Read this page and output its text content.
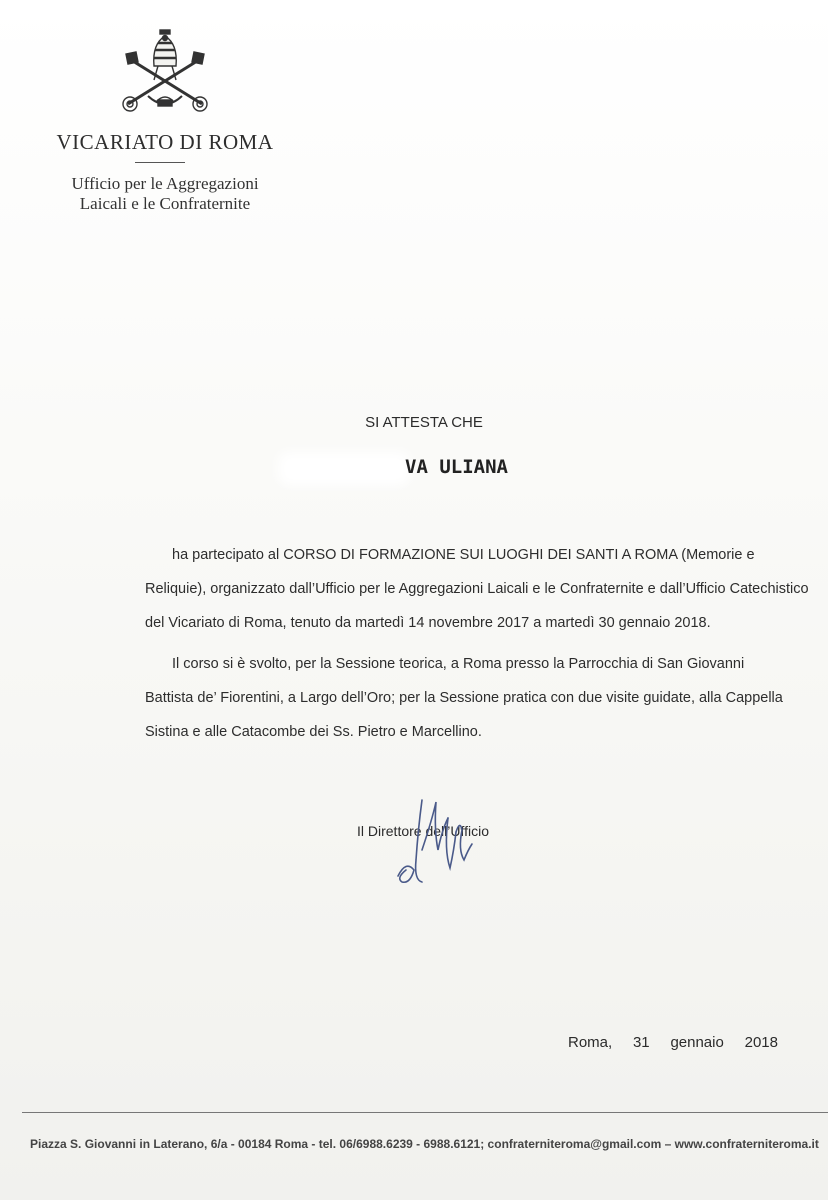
VICARIATO DI ROMA
Ufficio per le Aggregazioni
Laicali e le Confraternite
SI ATTESTA CHE
VA ULIANA
ha partecipato al CORSO DI FORMAZIONE SUI LUOGHI DEI SANTI A ROMA (Memorie e
Reliquie), organizzato dall’Ufficio per le Aggregazioni Laicali e le Confraternite e dall’Ufficio Catechistico
del Vicariato di Roma, tenuto da martedì 14 novembre 2017 a martedì 30 gennaio 2018.
Il corso si è svolto, per la Sessione teorica, a Roma presso la Parrocchia di San Giovanni
Battista de’ Fiorentini, a Largo dell’Oro; per la Sessione pratica con due visite guidate, alla Cappella
Sistina e alle Catacombe dei Ss. Pietro e Marcellino.
Il Direttore dell’Ufficio
Roma, 31 gennaio 2018
Piazza S. Giovanni in Laterano, 6/a - 00184 Roma - tel. 06/6988.6239 - 6988.6121; confraterniteroma@gmail.com – www.confraterniteroma.it
